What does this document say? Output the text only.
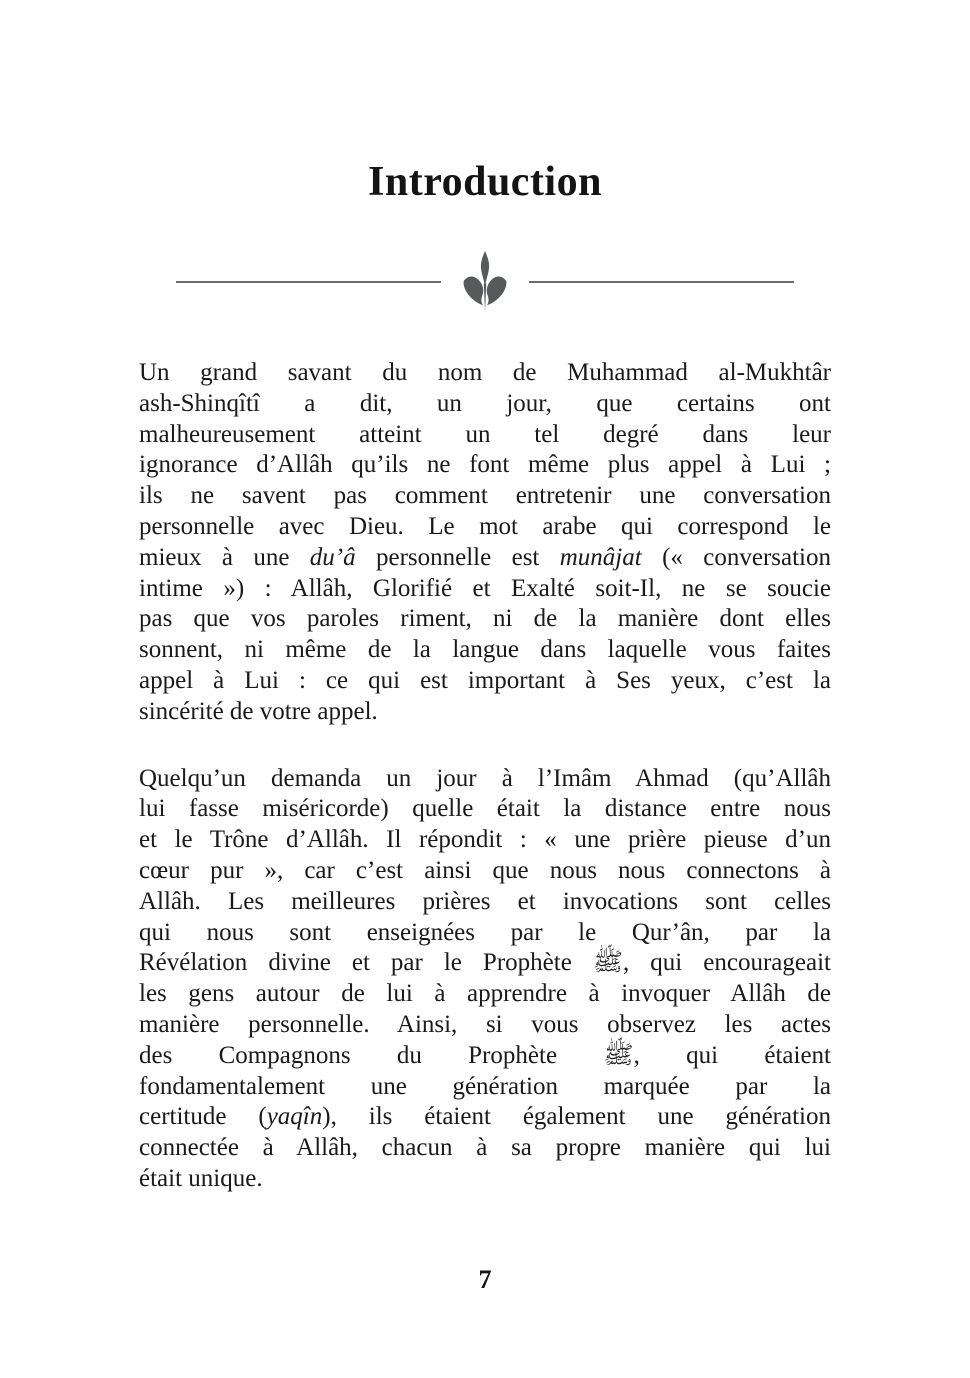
Introduction
Un grand savant du nom de Muhammad al-Mukhtâr
ash-Shinqîtî a dit, un jour, que certains ont
malheureusement atteint un tel degré dans leur
ignorance d’Allâh qu’ils ne font même plus appel à Lui ;
ils ne savent pas comment entretenir une conversation
personnelle avec Dieu. Le mot arabe qui correspond le
mieux à une du’â personnelle est munâjat (« conversation
intime ») : Allâh, Glorifié et Exalté soit-Il, ne se soucie
pas que vos paroles riment, ni de la manière dont elles
sonnent, ni même de la langue dans laquelle vous faites
appel à Lui : ce qui est important à Ses yeux, c’est la
sincérité de votre appel.
Quelqu’un demanda un jour à l’Imâm Ahmad (qu’Allâh
lui fasse miséricorde) quelle était la distance entre nous
et le Trône d’Allâh. Il répondit : « une prière pieuse d’un
cœur pur », car c’est ainsi que nous nous connectons à
Allâh. Les meilleures prières et invocations sont celles
qui nous sont enseignées par le Qur’ân, par la
Révélation divine et par le Prophète ﷺ, qui encourageait
les gens autour de lui à apprendre à invoquer Allâh de
manière personnelle. Ainsi, si vous observez les actes
des Compagnons du Prophète ﷺ, qui étaient
fondamentalement une génération marquée par la
certitude (yaqîn), ils étaient également une génération
connectée à Allâh, chacun à sa propre manière qui lui
était unique.
7
